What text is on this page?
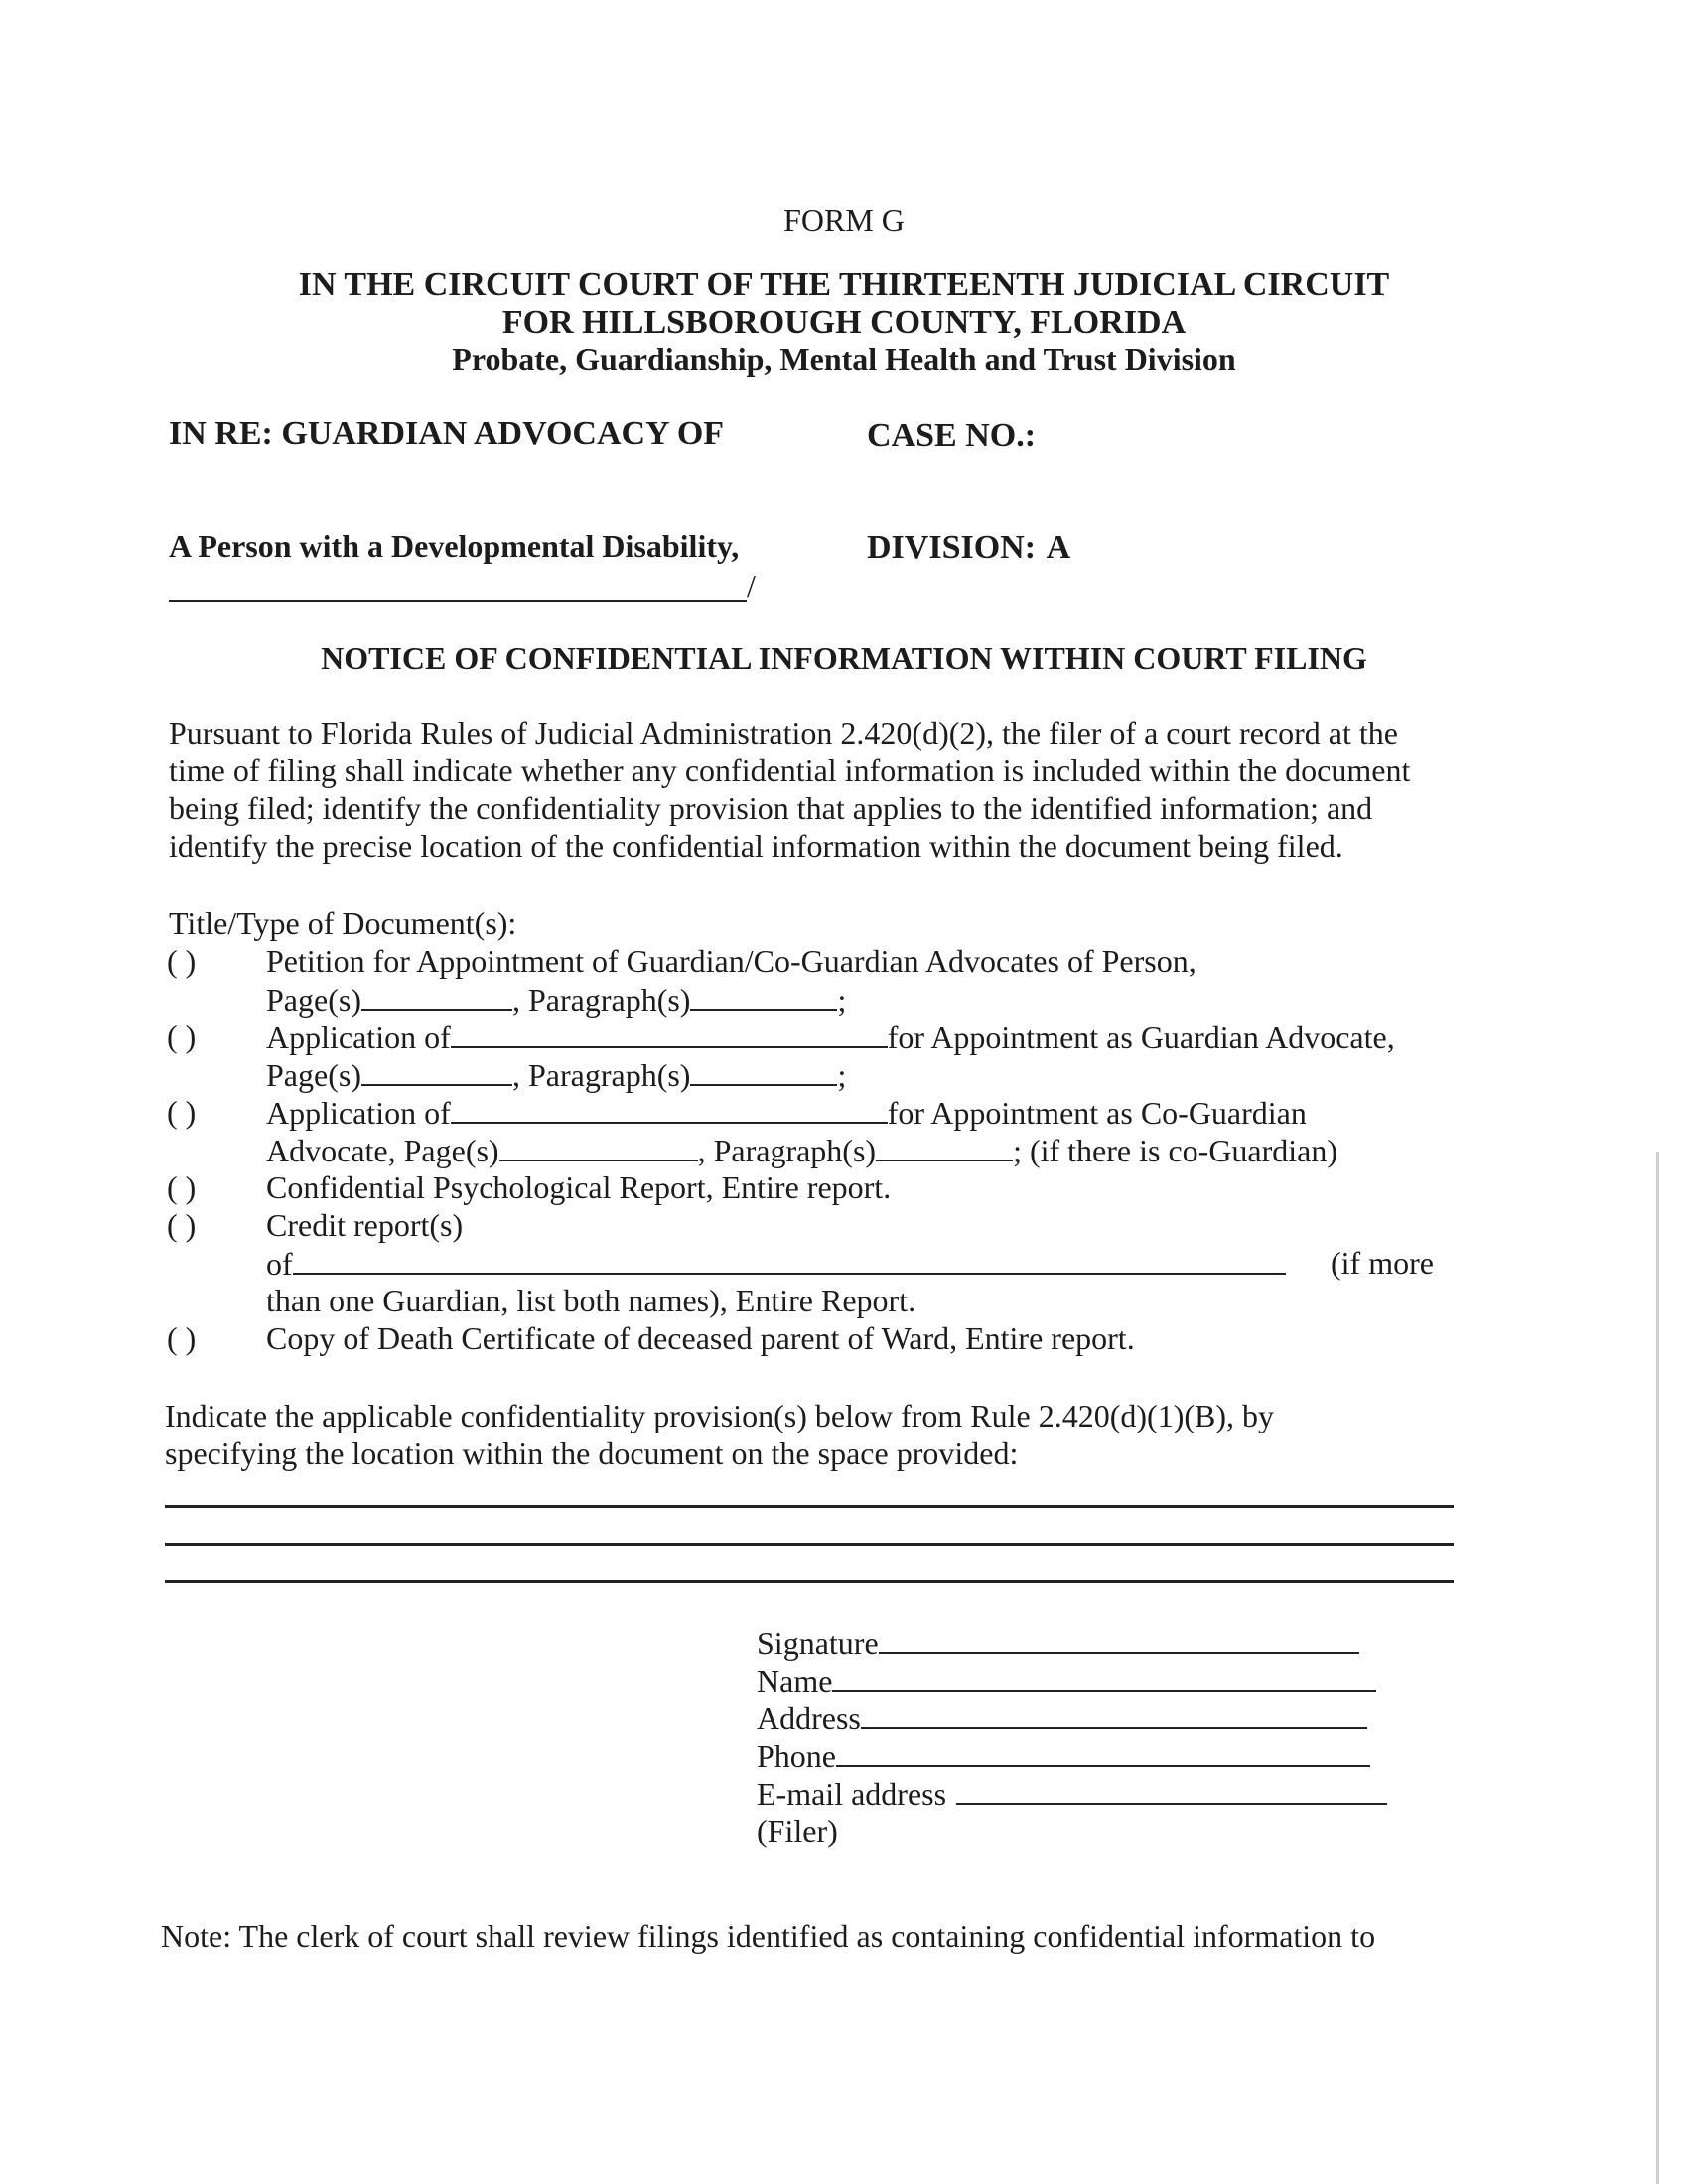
FORM G
IN THE CIRCUIT COURT OF THE THIRTEENTH JUDICIAL CIRCUIT
FOR HILLSBOROUGH COUNTY, FLORIDA
Probate, Guardianship, Mental Health and Trust Division
IN RE: GUARDIAN ADVOCACY OF	CASE NO.:
A Person with a Developmental Disability,	DIVISION: A
/
NOTICE OF CONFIDENTIAL INFORMATION WITHIN COURT FILING
Pursuant to Florida Rules of Judicial Administration 2.420(d)(2), the filer of a court record at the
time of filing shall indicate whether any confidential information is included within the document
being filed; identify the confidentiality provision that applies to the identified information; and
identify the precise location of the confidential information within the document being filed.
Title/Type of Document(s):
( ) Petition for Appointment of Guardian/Co-Guardian Advocates of Person,
Page(s)	, Paragraph(s)	;
( ) Application of	for Appointment as Guardian Advocate,
Page(s)	, Paragraph(s)	;
( ) Application of	for Appointment as Co-Guardian
Advocate, Page(s)	, Paragraph(s)	; (if there is co-Guardian)
( ) Confidential Psychological Report, Entire report.
( ) Credit report(s)
of	(if more
than one Guardian, list both names), Entire Report.
( ) Copy of Death Certificate of deceased parent of Ward, Entire report.
Indicate the applicable confidentiality provision(s) below from Rule 2.420(d)(1)(B), by
specifying the location within the document on the space provided:
Signature
Name
Address
Phone
E-mail address
(Filer)
Note: The clerk of court shall review filings identified as containing confidential information to
